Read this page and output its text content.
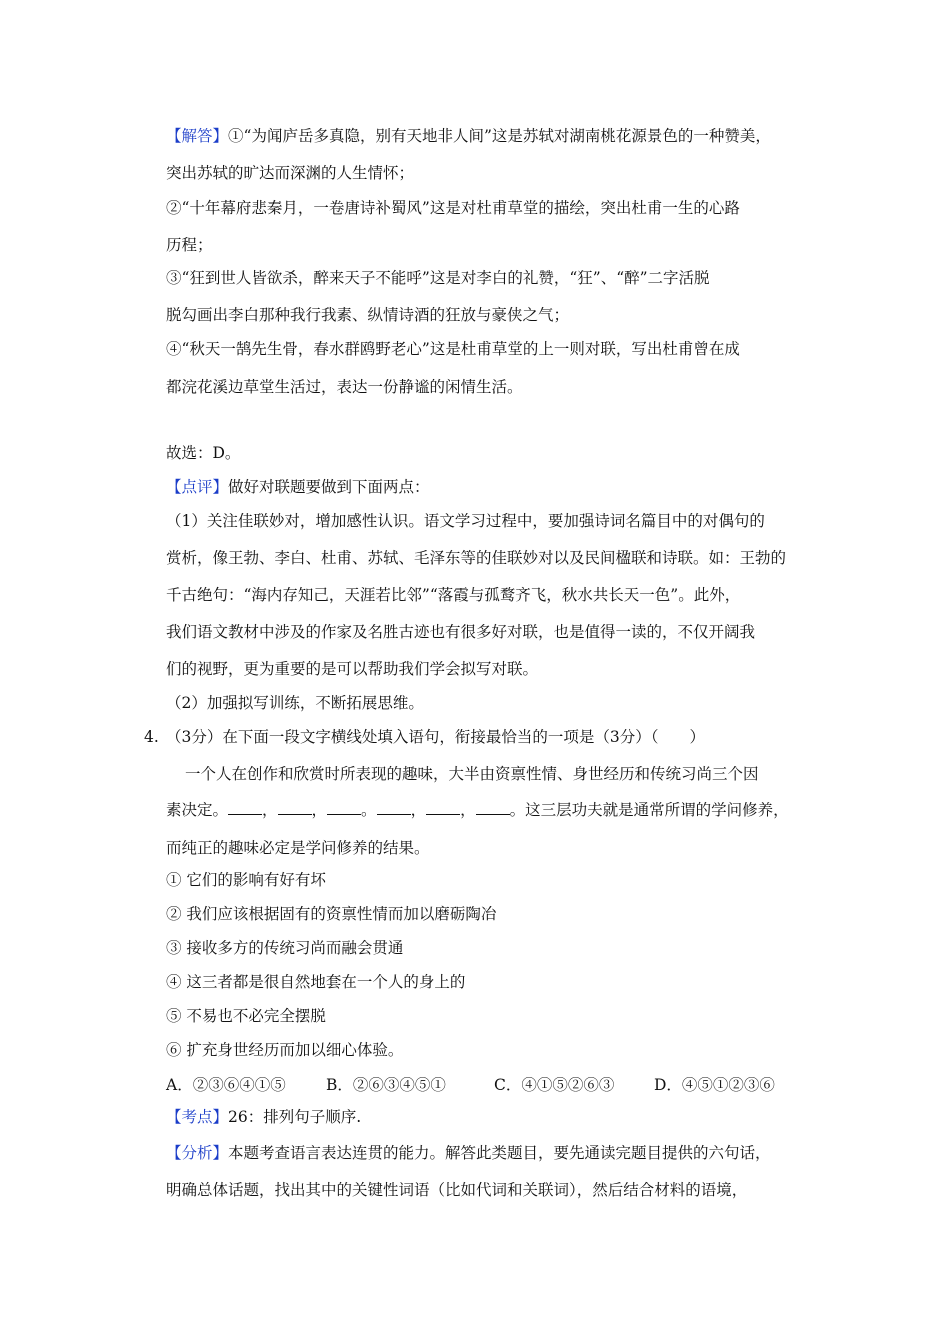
【解答】①“为闻庐岳多真隐，别有天地非人间”这是苏轼对湖南桃花源景色的一种赞美，
突出苏轼的旷达而深渊的人生情怀；
②“十年幕府悲秦月，一卷唐诗补蜀风”这是对杜甫草堂的描绘，突出杜甫一生的心路
历程；
③“狂到世人皆欲杀，醉来天子不能呼”这是对李白的礼赞，“狂”、“醉”二字活脱
脱勾画出李白那种我行我素、纵情诗酒的狂放与豪侠之气；
④“秋天一鹄先生骨，春水群鸥野老心”这是杜甫草堂的上一则对联，写出杜甫曾在成
都浣花溪边草堂生活过，表达一份静谧的闲情生活。
故选：D。
【点评】做好对联题要做到下面两点：
（1）关注佳联妙对，增加感性认识。语文学习过程中，要加强诗词名篇目中的对偶句的
赏析，像王勃、李白、杜甫、苏轼、毛泽东等的佳联妙对以及民间楹联和诗联。如：王勃的
千古绝句：“海内存知己，天涯若比邻”“落霞与孤鹜齐飞，秋水共长天一色”。此外，
我们语文教材中涉及的作家及名胜古迹也有很多好对联，也是值得一读的，不仅开阔我
们的视野，更为重要的是可以帮助我们学会拟写对联。
（2）加强拟写训练，不断拓展思维。
4. （3分）在下面一段文字横线处填入语句，衔接最恰当的一项是（3分）（　　）
一个人在创作和欣赏时所表现的趣味，大半由资禀性情、身世经历和传统习尚三个因
素决定。 ， ， 。 ， ， 。这三层功夫就是通常所谓的学问修养，
而纯正的趣味必定是学问修养的结果。
① 它们的影响有好有坏
② 我们应该根据固有的资禀性情而加以磨砺陶冶
③ 接收多方的传统习尚而融会贯通
④ 这三者都是很自然地套在一个人的身上的
⑤ 不易也不必完全摆脱
⑥ 扩充身世经历而加以细心体验。
A．②③⑥④①⑤	B．②⑥③④⑤①	C．④①⑤②⑥③	D．④⑤①②③⑥
【考点】26：排列句子顺序.
【分析】本题考查语言表达连贯的能力。解答此类题目，要先通读完题目提供的六句话，
明确总体话题，找出其中的关键性词语（比如代词和关联词），然后结合材料的语境，
